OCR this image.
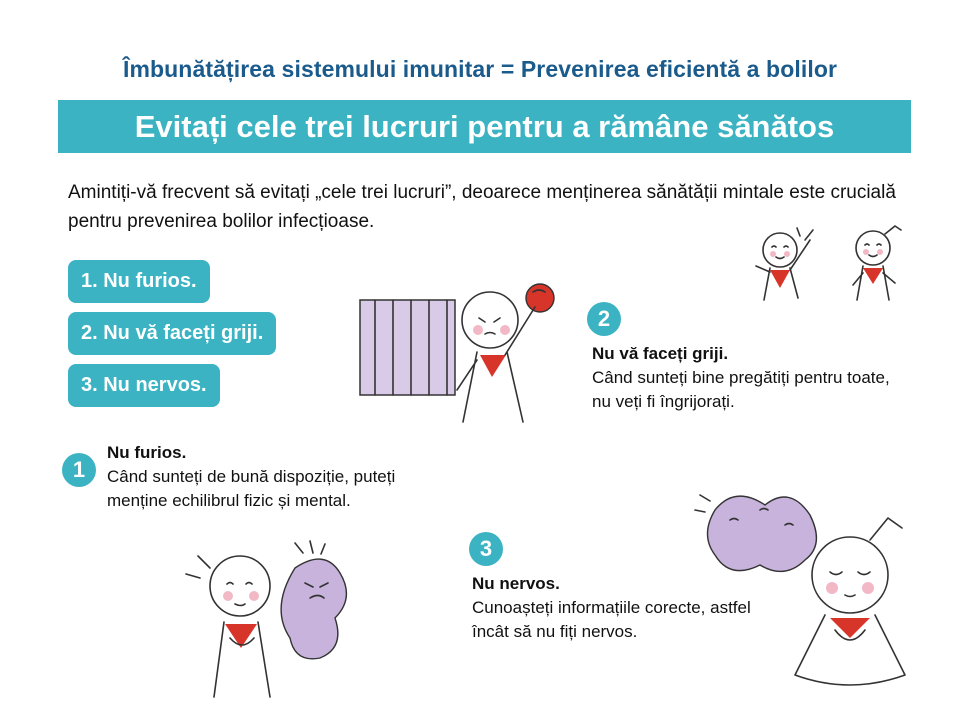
Îmbunătățirea sistemului imunitar = Prevenirea eficientă a bolilor
Evitați cele trei lucruri pentru a rămâne sănătos
Amintiți-vă frecvent să evitați „cele trei lucruri”, deoarece menținerea sănătății mintale este crucială pentru prevenirea bolilor infecțioase.
1. Nu furios.
2. Nu vă faceți griji.
3. Nu nervos.
1
Nu furios.
Când sunteți de bună dispoziție, puteți menține echilibrul fizic și mental.
2
Nu vă faceți griji.
Când sunteți bine pregătiți pentru toate, nu veți fi îngrijorați.
3
Nu nervos.
Cunoașteți informațiile corecte, astfel încât să nu fiți nervos.
